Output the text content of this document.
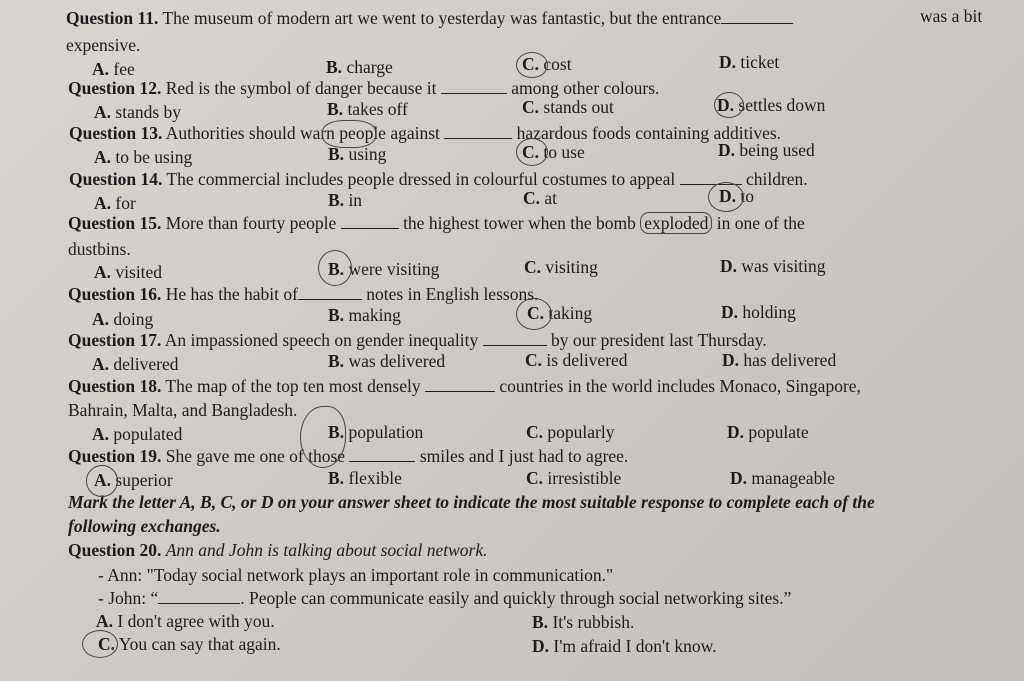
Question 11. The museum of modern art we went to yesterday was fantastic, but the entrance	was a bit
expensive.
A. fee	B. charge	C. cost	D. ticket
Question 12. Red is the symbol of danger because it	among other colours.
A. stands by	B. takes off	C. stands out	D. settles down
Question 13. Authorities should warn people against	hazardous foods containing additives.
A. to be using	B. using	C. to use	D. being used
Question 14. The commercial includes people dressed in colourful costumes to appeal	children.
A. for	B. in	C. at	D. to
Question 15. More than fourty people	the highest tower when the bomb exploded in one of the
dustbins.
A. visited	B. were visiting	C. visiting	D. was visiting
Question 16. He has the habit of	notes in English lessons.
A. doing	B. making	C. taking	D. holding
Question 17. An impassioned speech on gender inequality	by our president last Thursday.
A. delivered	B. was delivered	C. is delivered	D. has delivered
Question 18. The map of the top ten most densely	countries in the world includes Monaco, Singapore,
Bahrain, Malta, and Bangladesh.
A. populated	B. population	C. popularly	D. populate
Question 19. She gave me one of those	smiles and I just had to agree.
A. superior	B. flexible	C. irresistible	D. manageable
Mark the letter A, B, C, or D on your answer sheet to indicate the most suitable response to complete each of the
following exchanges.
Question 20. Ann and John is talking about social network.
- Ann: "Today social network plays an important role in communication."
- John: “	. People can communicate easily and quickly through social networking sites.”
A. I don't agree with you.	B. It's rubbish.
C. You can say that again.	D. I'm afraid I don't know.
